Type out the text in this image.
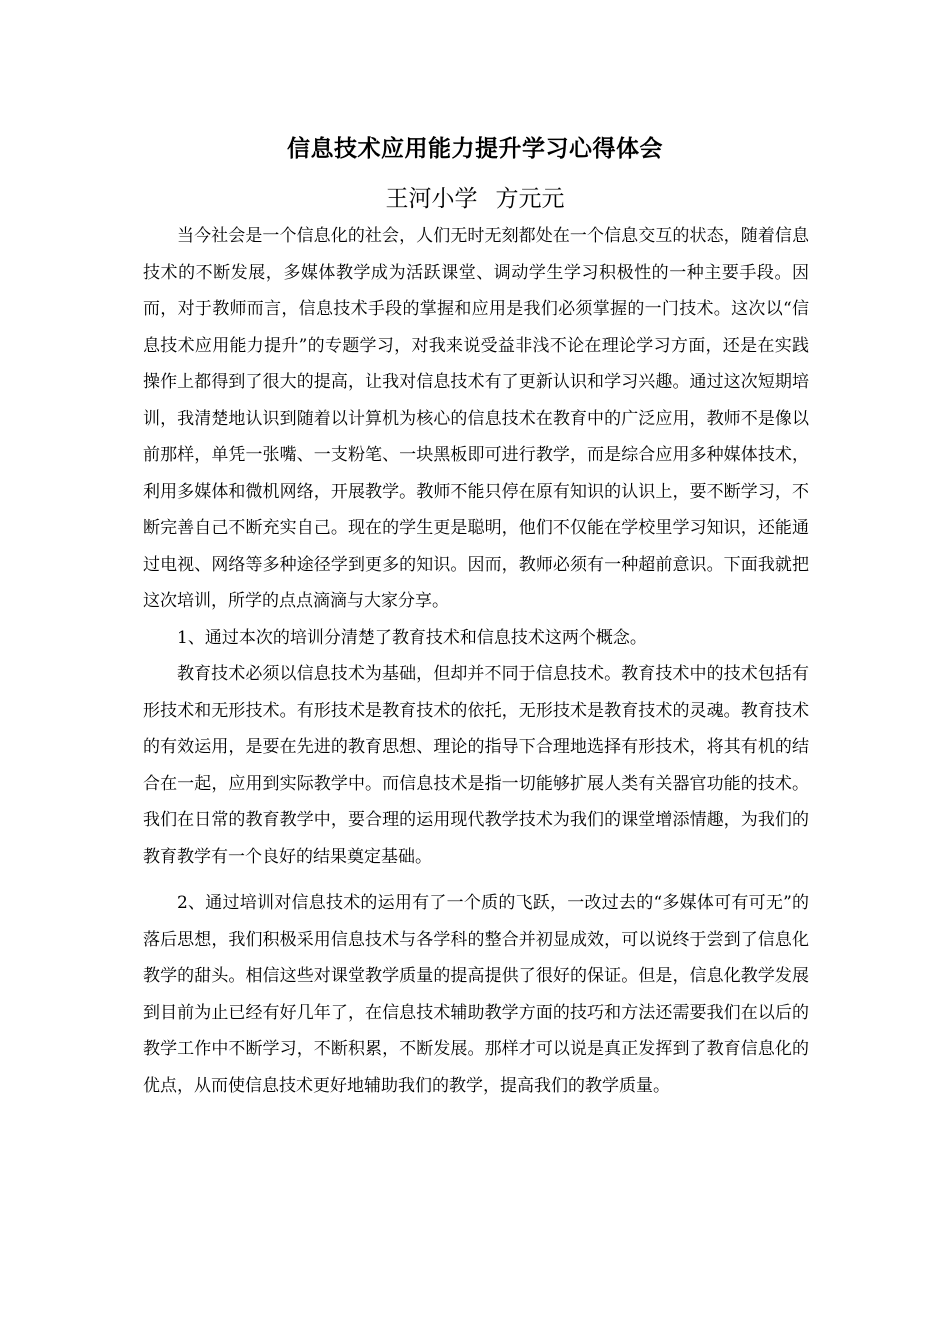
信息技术应用能力提升学习心得体会
王河小学 方元元

当今社会是一个信息化的社会，人们无时无刻都处在一个信息交互的状态，随着信息技术的不断发展，多媒体教学成为活跃课堂、调动学生学习积极性的一种主要手段。因而，对于教师而言，信息技术手段的掌握和应用是我们必须掌握的一门技术。这次以“信息技术应用能力提升”的专题学习，对我来说受益非浅不论在理论学习方面，还是在实践操作上都得到了很大的提高，让我对信息技术有了更新认识和学习兴趣。通过这次短期培训，我清楚地认识到随着以计算机为核心的信息技术在教育中的广泛应用，教师不是像以前那样，单凭一张嘴、一支粉笔、一块黑板即可进行教学，而是综合应用多种媒体技术，利用多媒体和微机网络，开展教学。教师不能只停在原有知识的认识上，要不断学习，不断完善自己不断充实自己。现在的学生更是聪明，他们不仅能在学校里学习知识，还能通过电视、网络等多种途径学到更多的知识。因而，教师必须有一种超前意识。下面我就把这次培训，所学的点点滴滴与大家分享。

1、通过本次的培训分清楚了教育技术和信息技术这两个概念。

教育技术必须以信息技术为基础，但却并不同于信息技术。教育技术中的技术包括有形技术和无形技术。有形技术是教育技术的依托，无形技术是教育技术的灵魂。教育技术的有效运用，是要在先进的教育思想、理论的指导下合理地选择有形技术，将其有机的结合在一起，应用到实际教学中。而信息技术是指一切能够扩展人类有关器官功能的技术。我们在日常的教育教学中，要合理的运用现代教学技术为我们的课堂增添情趣，为我们的教育教学有一个良好的结果奠定基础。

2、通过培训对信息技术的运用有了一个质的飞跃，一改过去的“多媒体可有可无”的落后思想，我们积极采用信息技术与各学科的整合并初显成效，可以说终于尝到了信息化教学的甜头。相信这些对课堂教学质量的提高提供了很好的保证。但是，信息化教学发展到目前为止已经有好几年了，在信息技术辅助教学方面的技巧和方法还需要我们在以后的教学工作中不断学习，不断积累，不断发展。那样才可以说是真正发挥到了教育信息化的优点，从而使信息技术更好地辅助我们的教学，提高我们的教学质量。
